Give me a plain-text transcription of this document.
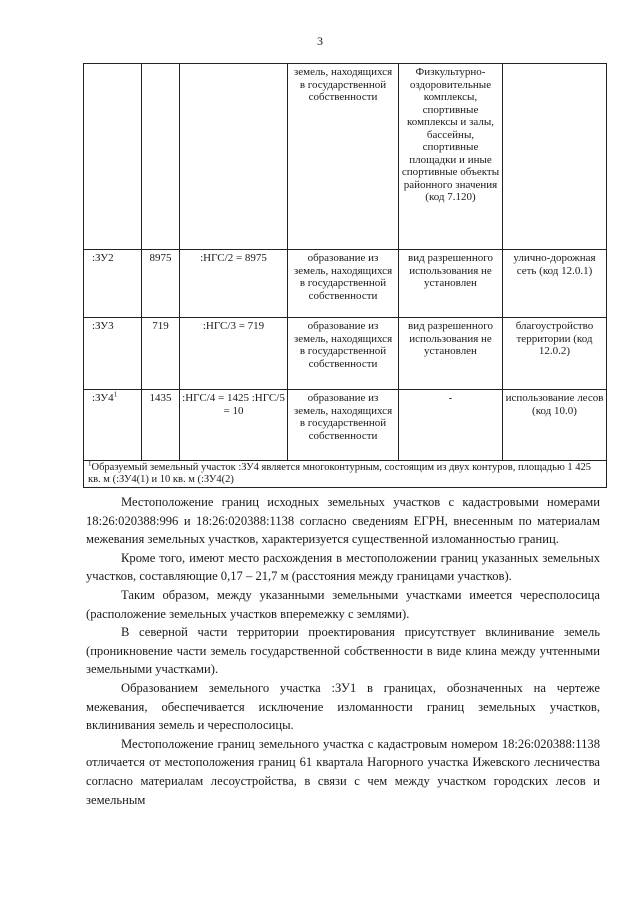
3
			земель, находящихся в государственной собственности	Физкультурно-оздоровительные комплексы, спортивные комплексы и залы, бассейны, спортивные площадки и иные спортивные объекты районного значения (код 7.120)	
:ЗУ2	8975	:НГС/2 = 8975	образование из земель, находящихся в государственной собственности	вид разрешенного использования не установлен	улично-дорожная сеть (код 12.0.1)
:ЗУ3	719	:НГС/3 = 719	образование из земель, находящихся в государственной собственности	вид разрешенного использования не установлен	благоустройство территории (код 12.0.2)
$:ЗУ4^1$	1435	:НГС/4 = 1425 :НГС/5 = 10	образование из земель, находящихся в государственной собственности	-	использование лесов (код 10.0)
$^1$Образуемый земельный участок :ЗУ4 является многоконтурным, состоящим из двух контуров, площадью 1 425 кв. м (:ЗУ4(1) и 10 кв. м (:ЗУ4(2)					

Местоположение границ исходных земельных участков с кадастровыми номерами 18:26:020388:996 и 18:26:020388:1138 согласно сведениям ЕГРН, внесенным по материалам межевания земельных участков, характеризуется существенной изломанностью границ.

Кроме того, имеют место расхождения в местоположении границ указанных земельных участков, составляющие 0,17 – 21,7 м (расстояния между границами участков).

Таким образом, между указанными земельными участками имеется чересполосица (расположение земельных участков вперемежку с землями).

В северной части территории проектирования присутствует вклинивание земель (проникновение части земель государственной собственности в виде клина между учтенными земельными участками).

Образованием земельного участка :ЗУ1 в границах, обозначенных на чертеже межевания, обеспечивается исключение изломанности границ земельных участков, вклинивания земель и чересполосицы.

Местоположение границ земельного участка с кадастровым номером 18:26:020388:1138 отличается от местоположения границ 61 квартала Нагорного участка Ижевского лесничества согласно материалам лесоустройства, в связи с чем между участком городских лесов и земельным
